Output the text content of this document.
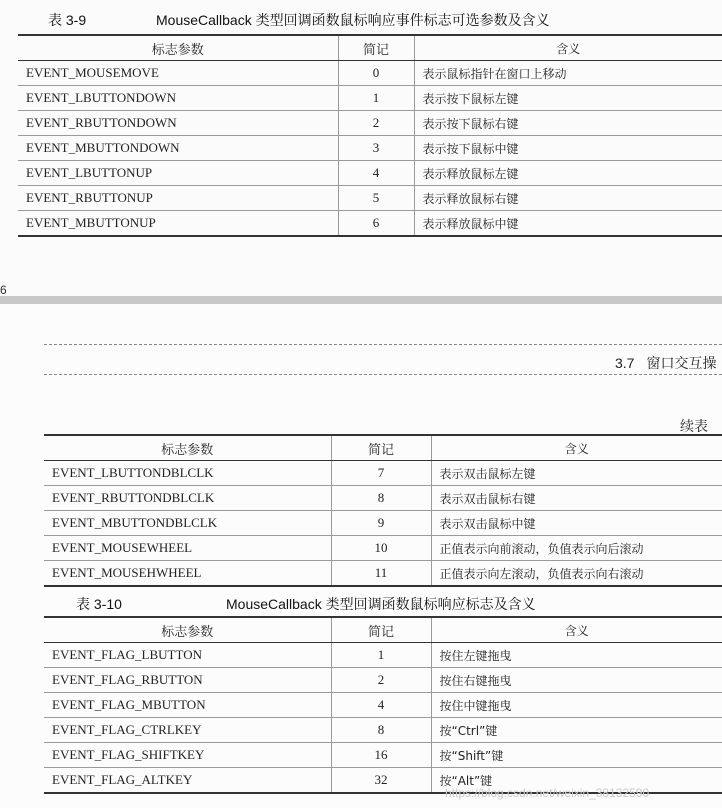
表 3-9	MouseCallback 类型回调函数鼠标响应事件标志可选参数及含义
标志参数	简记	含义
EVENT_MOUSEMOVE	0	表示鼠标指针在窗口上移动
EVENT_LBUTTONDOWN	1	表示按下鼠标左键
EVENT_RBUTTONDOWN	2	表示按下鼠标右键
EVENT_MBUTTONDOWN	3	表示按下鼠标中键
EVENT_LBUTTONUP	4	表示释放鼠标左键
EVENT_RBUTTONUP	5	表示释放鼠标右键
EVENT_MBUTTONUP	6	表示释放鼠标中键
6
3.7 窗口交互操
续表
标志参数	简记	含义
EVENT_LBUTTONDBLCLK	7	表示双击鼠标左键
EVENT_RBUTTONDBLCLK	8	表示双击鼠标右键
EVENT_MBUTTONDBLCLK	9	表示双击鼠标中键
EVENT_MOUSEWHEEL	10	正值表示向前滚动，负值表示向后滚动
EVENT_MOUSEHWHEEL	11	正值表示向左滚动，负值表示向右滚动
表 3-10	MouseCallback 类型回调函数鼠标响应标志及含义
标志参数	简记	含义
EVENT_FLAG_LBUTTON	1	按住左键拖曳
EVENT_FLAG_RBUTTON	2	按住右键拖曳
EVENT_FLAG_MBUTTON	4	按住中键拖曳
EVENT_FLAG_CTRLKEY	8	按“Ctrl”键
EVENT_FLAG_SHIFTKEY	16	按“Shift”键
EVENT_FLAG_ALTKEY	32	按“Alt”键
https://blog.csdn.net/weixin_38132590
